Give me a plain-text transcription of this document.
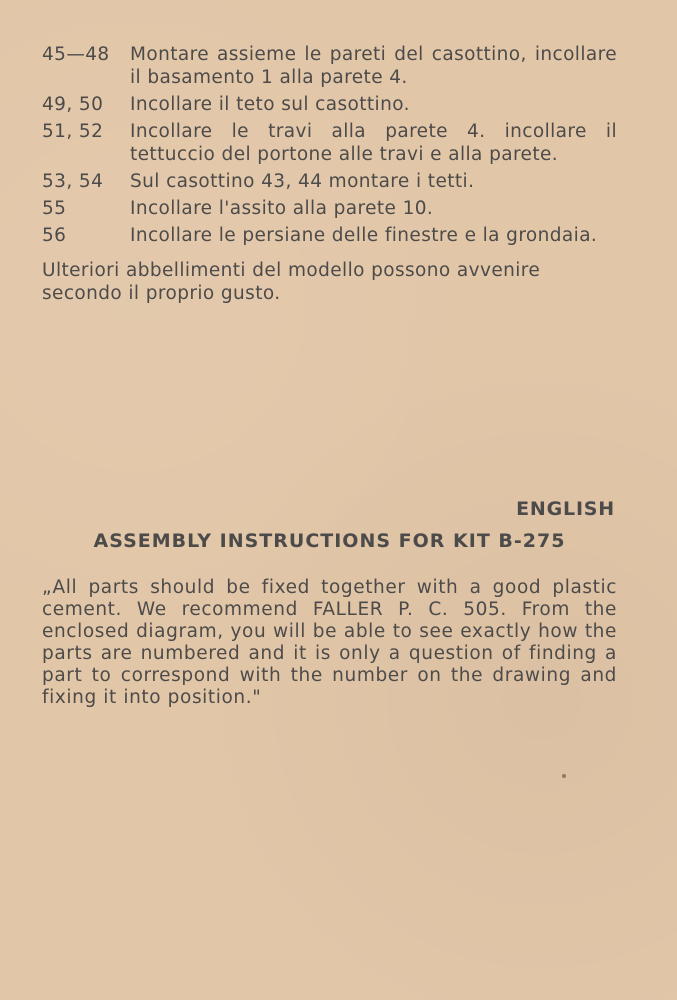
45—48	Montare assieme le pareti del casottino, incollare il basamento 1 alla parete 4.
49, 50	Incollare il teto sul casottino.
51, 52	Incollare le travi alla parete 4. incollare il tettuccio del portone alle travi e alla parete.
53, 54	Sul casottino 43, 44 montare i tetti.
55	Incollare l'assito alla parete 10.
56	Incollare le persiane delle finestre e la grondaia.
Ulteriori abbellimenti del modello possono avvenire secondo il proprio gusto.
ENGLISH
ASSEMBLY INSTRUCTIONS FOR KIT B-275
„All parts should be fixed together with a good plastic cement. We recommend FALLER P. C. 505. From the enclosed diagram, you will be able to see exactly how the parts are numbered and it is only a question of finding a part to correspond with the number on the drawing and fixing it into position."
